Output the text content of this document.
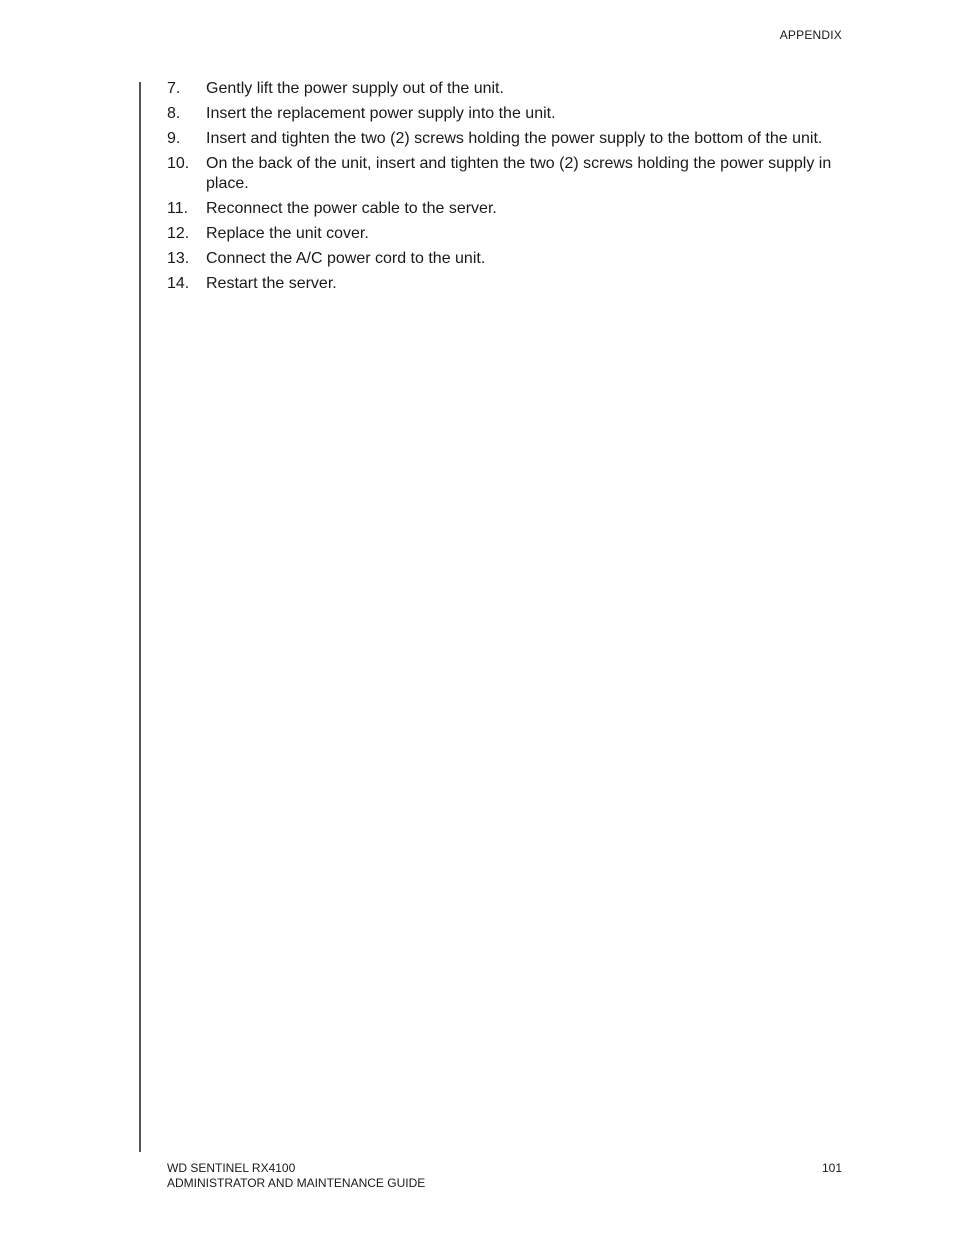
APPENDIX
7.	Gently lift the power supply out of the unit.
8.	Insert the replacement power supply into the unit.
9.	Insert and tighten the two (2) screws holding the power supply to the bottom of the unit.
10.	On the back of the unit, insert and tighten the two (2) screws holding the power supply in place.
11.	Reconnect the power cable to the server.
12.	Replace the unit cover.
13.	Connect the A/C power cord to the unit.
14.	Restart the server.
WD SENTINEL RX4100
ADMINISTRATOR AND MAINTENANCE GUIDE
101
